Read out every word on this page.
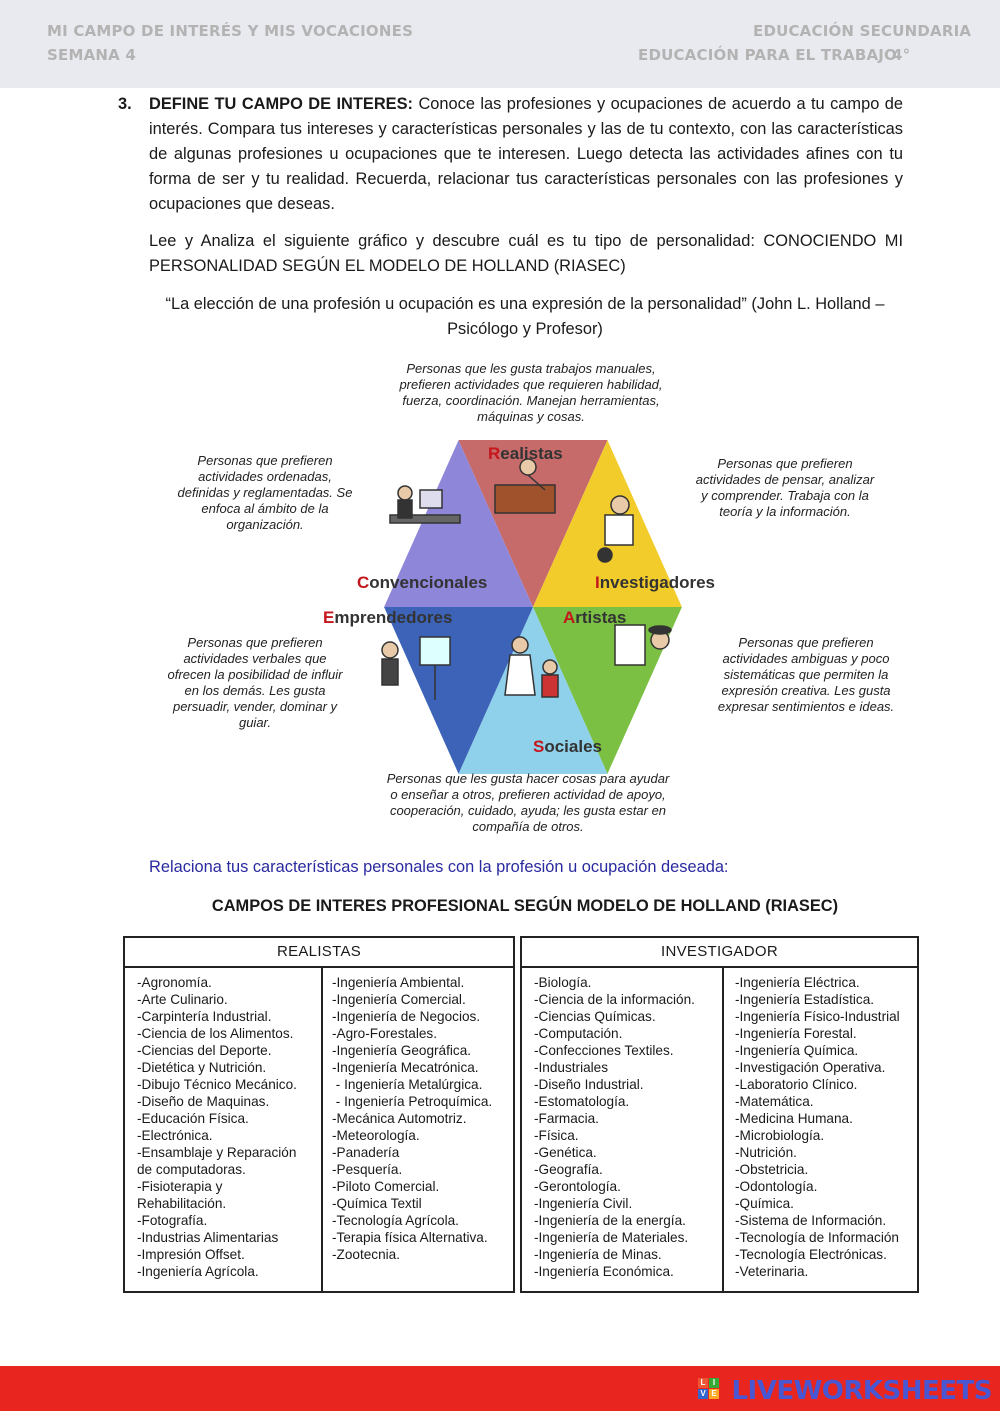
MI CAMPO DE INTERÉS Y MIS VOCACIONES
SEMANA 4
EDUCACIÓN SECUNDARIA
EDUCACIÓN PARA EL TRABAJO
4°
3. DEFINE TU CAMPO DE INTERES: Conoce las profesiones y ocupaciones de acuerdo a tu campo de interés. Compara tus intereses y características personales y las de tu contexto, con las características de algunas profesiones u ocupaciones que te interesen. Luego detecta las actividades afines con tu forma de ser y tu realidad. Recuerda, relacionar tus características personales con las profesiones y ocupaciones que deseas.
Lee y Analiza el siguiente gráfico y descubre cuál es tu tipo de personalidad: CONOCIENDO MI PERSONALIDAD SEGÚN EL MODELO DE HOLLAND (RIASEC)
“La elección de una profesión u ocupación es una expresión de la personalidad” (John L. Holland – Psicólogo y Profesor)
Realistas
Investigadores
Convencionales
Emprendedores	Artistas
Sociales
Personas que les gusta trabajos manuales,
prefieren actividades que requieren habilidad,
fuerza, coordinación. Manejan herramientas,
máquinas y cosas.
Personas que prefieren
actividades de pensar, analizar
y comprender. Trabaja con la
teoría y la información.
Personas que prefieren
actividades ordenadas,
definidas y reglamentadas. Se
enfoca al ámbito de la
organización.
Personas que prefieren
actividades verbales que
ofrecen la posibilidad de influir
en los demás. Les gusta
persuadir, vender, dominar y
guiar.
Personas que prefieren
actividades ambiguas y poco
sistemáticas que permiten la
expresión creativa. Les gusta
expresar sentimientos e ideas.
Personas que les gusta hacer cosas para ayudar
o enseñar a otros, prefieren actividad de apoyo,
cooperación, cuidado, ayuda; les gusta estar en
compañía de otros.
Relaciona tus características personales con la profesión u ocupación deseada:
CAMPOS DE INTERES PROFESIONAL SEGÚN MODELO DE HOLLAND (RIASEC)
REALISTAS
-Agronomía.
-Arte Culinario.
-Carpintería Industrial.
-Ciencia de los Alimentos.
-Ciencias del Deporte.
-Dietética y Nutrición.
-Dibujo Técnico Mecánico.
-Diseño de Maquinas.
-Educación Física.
-Electrónica.
-Ensamblaje y Reparación
de computadoras.
-Fisioterapia y
Rehabilitación.
-Fotografía.
-Industrias Alimentarias
-Impresión Offset.
-Ingeniería Agrícola.
-Ingeniería Ambiental.
-Ingeniería Comercial.
-Ingeniería de Negocios.
-Agro-Forestales.
-Ingeniería Geográfica.
-Ingeniería Mecatrónica.
- Ingeniería Metalúrgica.
- Ingeniería Petroquímica.
-Mecánica Automotriz.
-Meteorología.
-Panadería
-Pesquería.
-Piloto Comercial.
-Química Textil
-Tecnología Agrícola.
-Terapia física Alternativa.
-Zootecnia.
INVESTIGADOR
-Biología.
-Ciencia de la información.
-Ciencias Químicas.
-Computación.
-Confecciones Textiles.
-Industriales
-Diseño Industrial.
-Estomatología.
-Farmacia.
-Física.
-Genética.
-Geografía.
-Gerontología.
-Ingeniería Civil.
-Ingeniería de la energía.
-Ingeniería de Materiales.
-Ingeniería de Minas.
-Ingeniería Económica.
-Ingeniería Eléctrica.
-Ingeniería Estadística.
-Ingeniería Físico-Industrial
-Ingeniería Forestal.
-Ingeniería Química.
-Investigación Operativa.
-Laboratorio Clínico.
-Matemática.
-Medicina Humana.
-Microbiología.
-Nutrición.
-Obstetricia.
-Odontología.
-Química.
-Sistema de Información.
-Tecnología de Información
-Tecnología Electrónicas.
-Veterinaria.
L I
V E LIVEWORKSHEETS
